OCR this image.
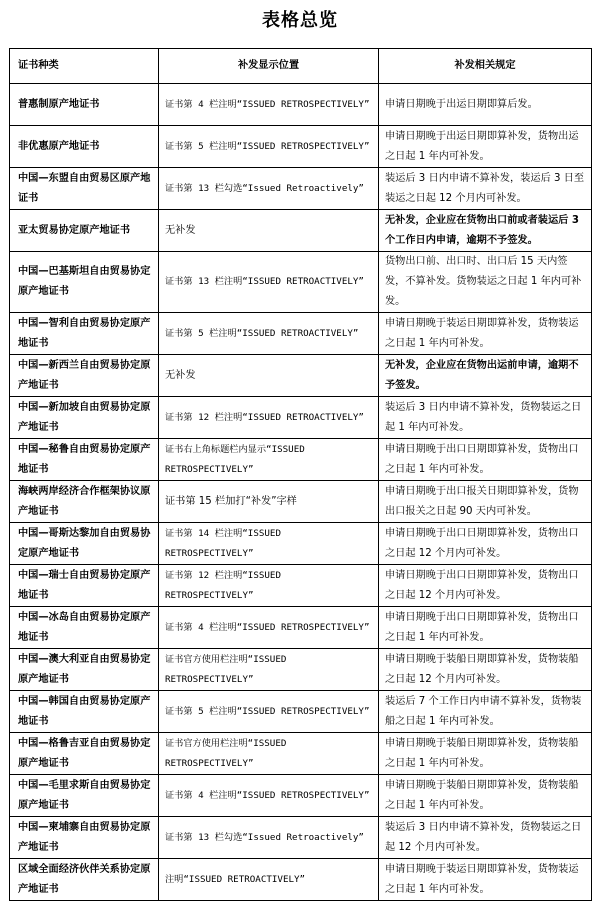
表格总览
证书种类	补发显示位置	补发相关规定
普惠制原产地证书	证书第 4 栏注明“ISSUED RETROSPECTIVELY”	申请日期晚于出运日期即算后发。
非优惠原产地证书	证书第 5 栏注明“ISSUED RETROSPECTIVELY”	申请日期晚于出运日期即算补发，货物出运之日起 1 年内可补发。
中国—东盟自由贸易区原产地证书	证书第 13 栏勾选“Issued Retroactively”	装运后 3 日内申请不算补发，装运后 3 日至装运之日起 12 个月内可补发。
亚太贸易协定原产地证书	无补发	无补发，企业应在货物出口前或者装运后 3 个工作日内申请，逾期不予签发。
中国—巴基斯坦自由贸易协定原产地证书	证书第 13 栏注明“ISSUED RETROACTIVELY”	货物出口前、出口时、出口后 15 天内签发，不算补发。货物装运之日起 1 年内可补发。
中国—智利自由贸易协定原产地证书	证书第 5 栏注明“ISSUED RETROACTIVELY”	申请日期晚于装运日期即算补发，货物装运之日起 1 年内可补发。
中国—新西兰自由贸易协定原产地证书	无补发	无补发，企业应在货物出运前申请，逾期不予签发。
中国—新加坡自由贸易协定原产地证书	证书第 12 栏注明“ISSUED RETROACTIVELY”	装运后 3 日内申请不算补发，货物装运之日起 1 年内可补发。
中国—秘鲁自由贸易协定原产地证书	证书右上角标题栏内显示“ISSUED RETROSPECTIVELY”	申请日期晚于出口日期即算补发，货物出口之日起 1 年内可补发。
海峡两岸经济合作框架协议原产地证书	证书第 15 栏加打“补发”字样	申请日期晚于出口报关日期即算补发，货物出口报关之日起 90 天内可补发。
中国—哥斯达黎加自由贸易协定原产地证书	证书第 14 栏注明“ISSUED RETROSPECTIVELY”	申请日期晚于出口日期即算补发，货物出口之日起 12 个月内可补发。
中国—瑞士自由贸易协定原产地证书	证书第 12 栏注明“ISSUED RETROSPECTIVELY”	申请日期晚于出口日期即算补发，货物出口之日起 12 个月内可补发。
中国—冰岛自由贸易协定原产地证书	证书第 4 栏注明“ISSUED RETROSPECTIVELY”	申请日期晚于出口日期即算补发，货物出口之日起 1 年内可补发。
中国—澳大利亚自由贸易协定原产地证书	证书官方使用栏注明“ISSUED RETROSPECTIVELY”	申请日期晚于装船日期即算补发，货物装船之日起 12 个月内可补发。
中国—韩国自由贸易协定原产地证书	证书第 5 栏注明“ISSUED RETROSPECTIVELY”	装运后 7 个工作日内申请不算补发，货物装船之日起 1 年内可补发。
中国—格鲁吉亚自由贸易协定原产地证书	证书官方使用栏注明“ISSUED RETROSPECTIVELY”	申请日期晚于装船日期即算补发，货物装船之日起 1 年内可补发。
中国—毛里求斯自由贸易协定原产地证书	证书第 4 栏注明“ISSUED RETROSPECTIVELY”	申请日期晚于装船日期即算补发，货物装船之日起 1 年内可补发。
中国—柬埔寨自由贸易协定原产地证书	证书第 13 栏勾选“Issued Retroactively”	装运后 3 日内申请不算补发，货物装运之日起 12 个月内可补发。
区域全面经济伙伴关系协定原产地证书	注明“ISSUED RETROACTIVELY”	申请日期晚于装运日期即算补发，货物装运之日起 1 年内可补发。
